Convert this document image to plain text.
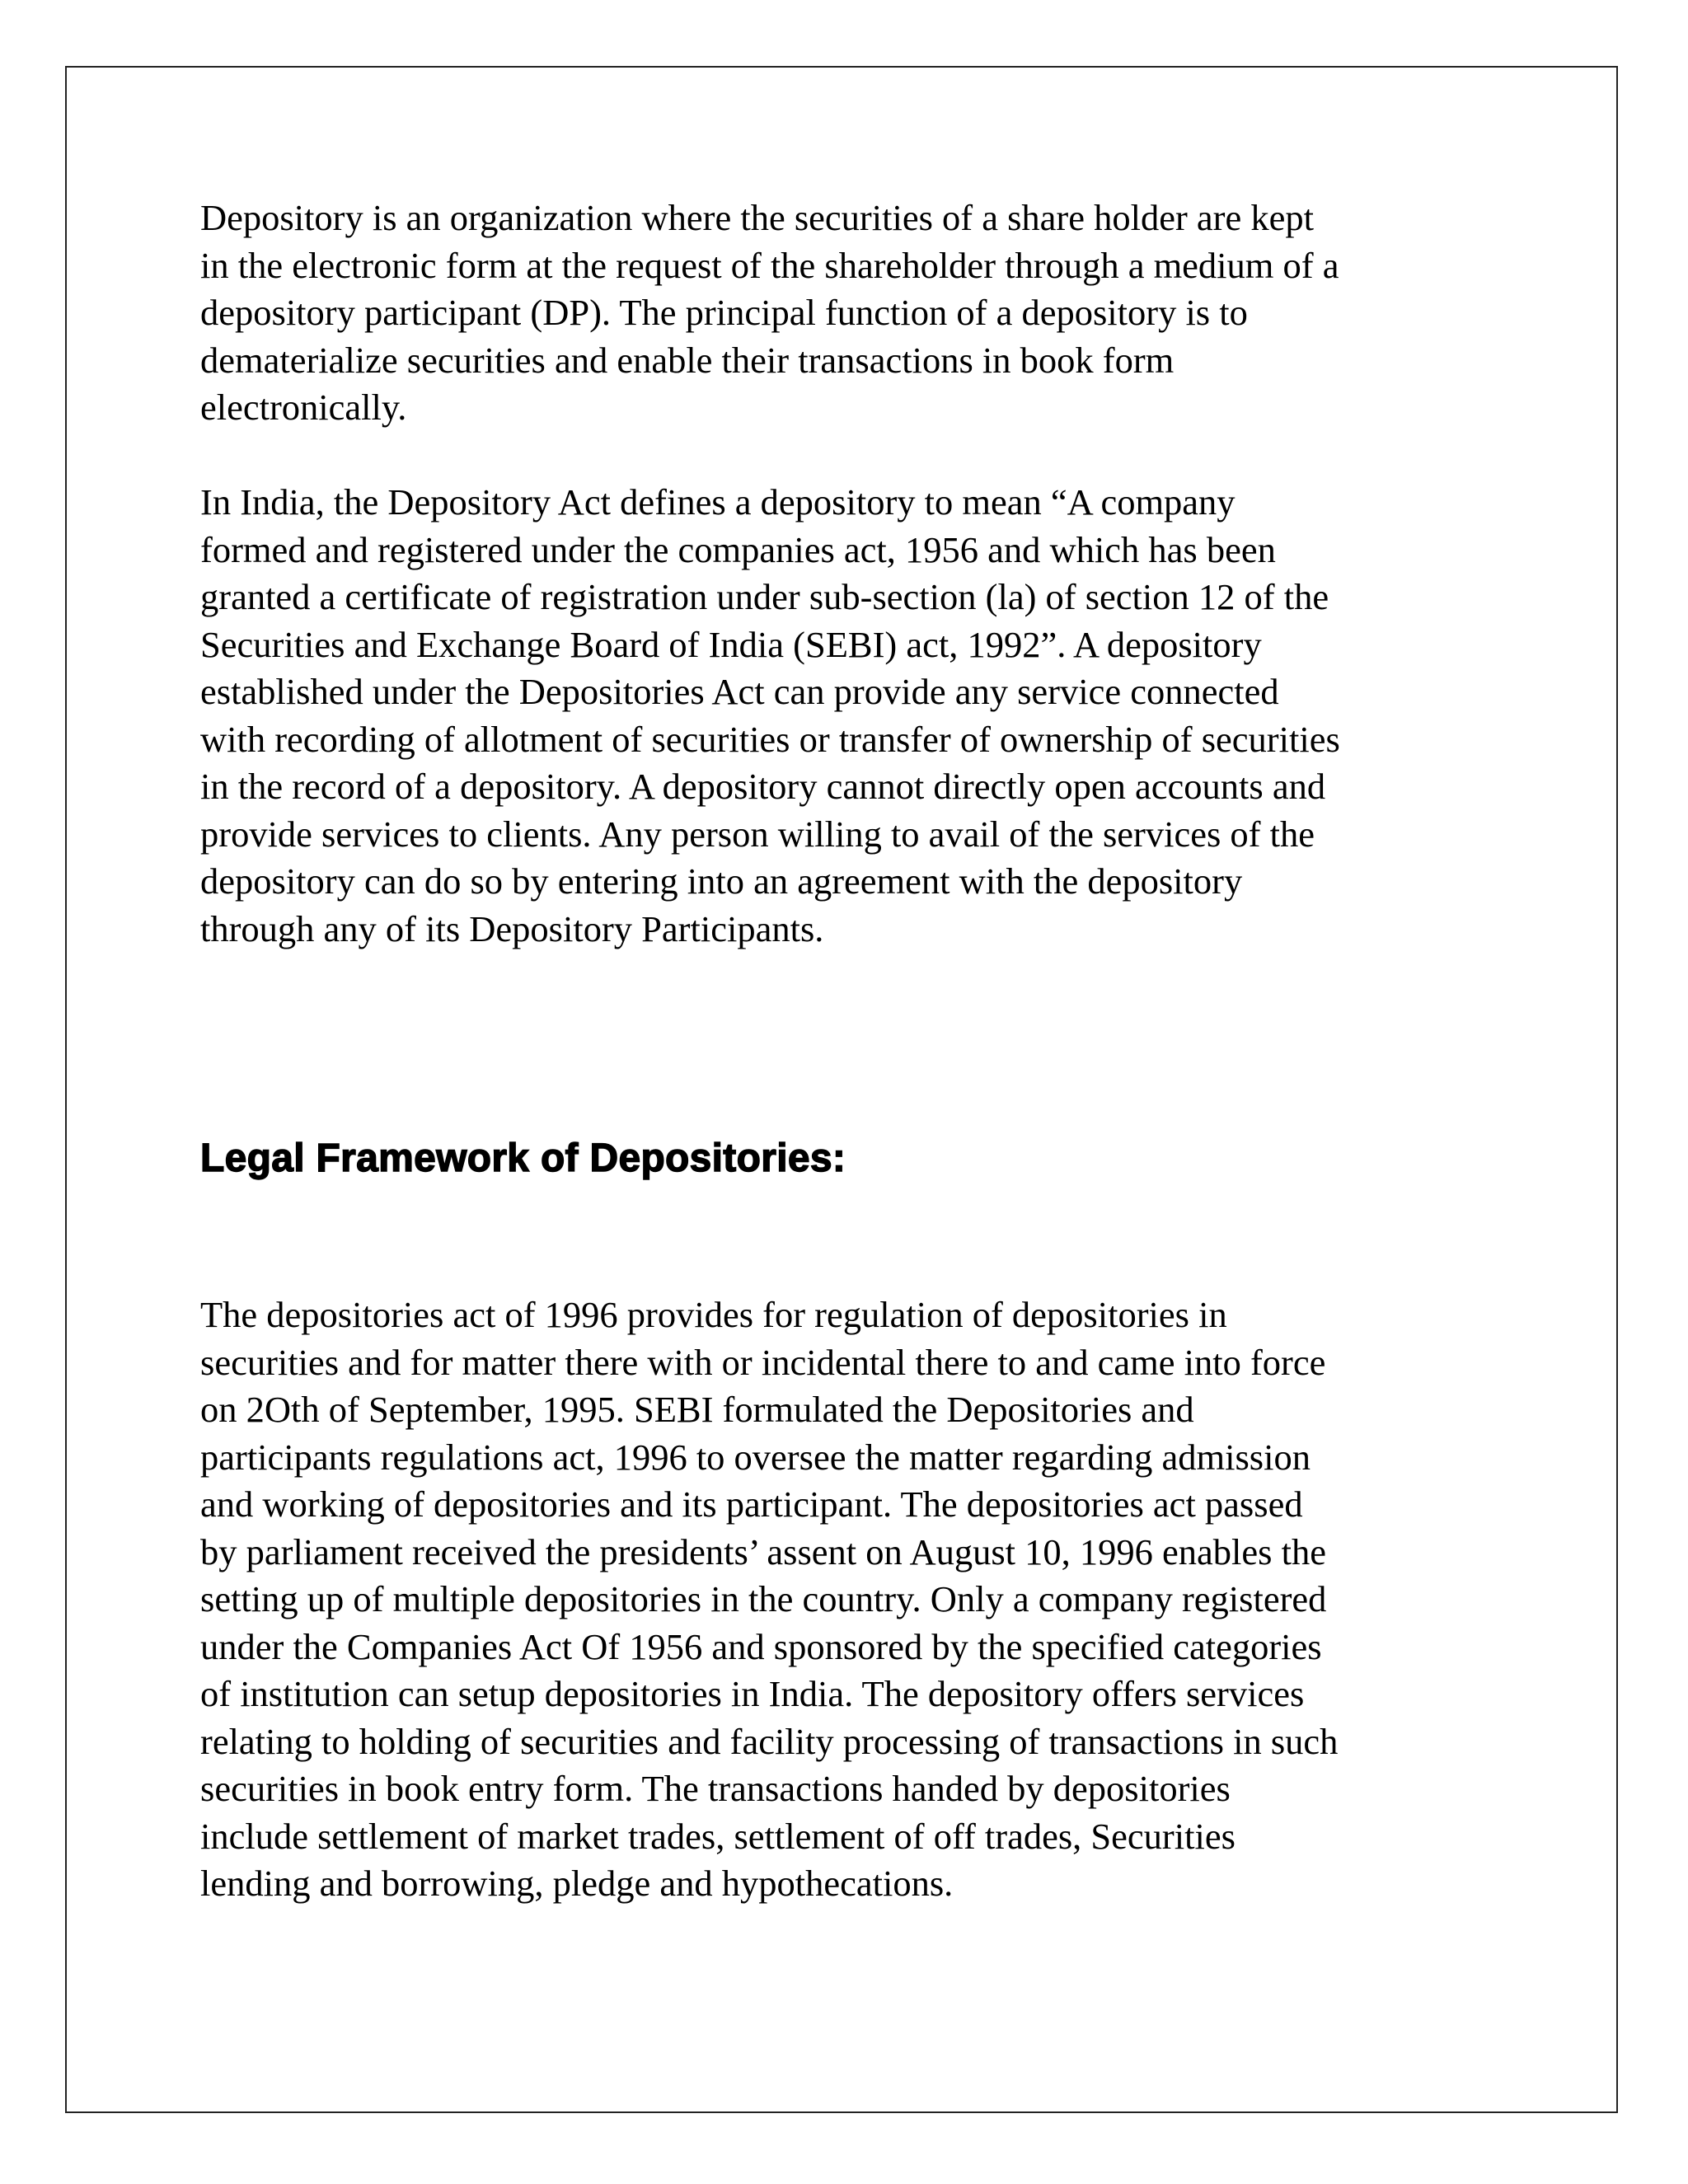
Depository is an organization where the securities of a share holder are kept
in the electronic form at the request of the shareholder through a medium of a
depository participant (DP). The principal function of a depository is to
dematerialize securities and enable their transactions in book form
electronically.

In India, the Depository Act defines a depository to mean “A company
formed and registered under the companies act, 1956 and which has been
granted a certificate of registration under sub-section (la) of section 12 of the
Securities and Exchange Board of India (SEBI) act, 1992”. A depository
established under the Depositories Act can provide any service connected
with recording of allotment of securities or transfer of ownership of securities
in the record of a depository. A depository cannot directly open accounts and
provide services to clients. Any person willing to avail of the services of the
depository can do so by entering into an agreement with the depository
through any of its Depository Participants.

Legal Framework of Depositories:

The depositories act of 1996 provides for regulation of depositories in
securities and for matter there with or incidental there to and came into force
on 2Oth of September, 1995. SEBI formulated the Depositories and
participants regulations act, 1996 to oversee the matter regarding admission
and working of depositories and its participant. The depositories act passed
by parliament received the presidents’ assent on August 10, 1996 enables the
setting up of multiple depositories in the country. Only a company registered
under the Companies Act Of 1956 and sponsored by the specified categories
of institution can setup depositories in India. The depository offers services
relating to holding of securities and facility processing of transactions in such
securities in book entry form. The transactions handed by depositories
include settlement of market trades, settlement of off trades, Securities
lending and borrowing, pledge and hypothecations.
